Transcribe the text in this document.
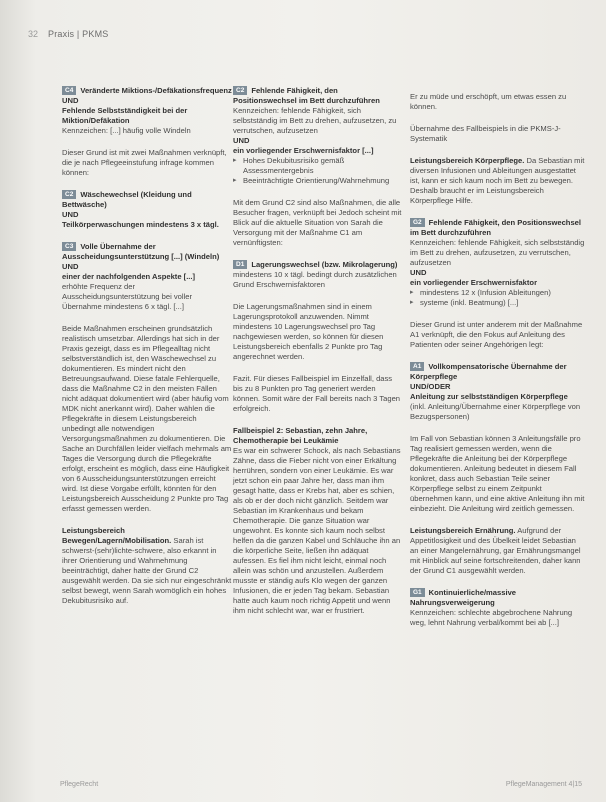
32 Praxis | PKMS
C4 Veränderte Miktions-/Defäkationsfrequenz
UND
Fehlende Selbstständigkeit bei der Miktion/Defäkation
Kennzeichen: [...] häufig volle Windeln
Dieser Grund ist mit zwei Maßnahmen verknüpft, die je nach Pflegeeinstufung infrage kommen können:
C2 Wäschewechsel (Kleidung und Bettwäsche)
UND
Teilkörperwaschungen mindestens 3 x tägl.
C3 Volle Übernahme der Ausscheidungsunterstützung [...] (Windeln)
UND
einer der nachfolgenden Aspekte [...]
erhöhte Frequenz der Ausscheidungsunterstützung bei voller Übernahme mindestens 6 x tägl. [...]
Beide Maßnahmen erscheinen grundsätzlich realistisch umsetzbar. Allerdings hat sich in der Praxis gezeigt, dass es im Pflegealltag nicht selbstverständlich ist, den Wäschewechsel zu dokumentieren. Es mindert nicht den Betreuungsaufwand. Diese fatale Fehlerquelle, dass die Maßnahme C2 in den meisten Fällen nicht adäquat dokumentiert wird (aber häufig vom MDK nicht anerkannt wird). Daher wählen die Pflegekräfte in diesem Leistungsbereich unbedingt alle notwendigen Versorgungsmaßnahmen zu dokumentieren. Die Sache an Durchfällen leider vielfach mehrmals am Tages die Versorgung durch die Pflegekräfte erfolgt, erscheint es möglich, dass eine Häufigkeit von 6 Ausscheidungsunterstützungen erreicht wird. Ist diese Vorgabe erfüllt, könnten für den Leistungsbereich Ausscheidung 2 Punkte pro Tag erfasst gemessen werden.
Leistungsbereich Bewegen/Lagern/Mobilisation. Sarah ist schwerst-(sehr)lichte-schwere, also erkannt in ihrer Orientierung und Wahrnehmung beeinträchtigt, daher hatte der Grund C2 ausgewählt werden. Da sie sich nur eingeschränkt selbst bewegt, wenn Sarah womöglich ein hohes Dekubitusrisiko auf.
C2 Fehlende Fähigkeit, den Positionswechsel im Bett durchzuführen
Kennzeichen: fehlende Fähigkeit, sich selbstständig im Bett zu drehen, aufzusetzen, zu verrutschen, aufzusetzen
UND
ein vorliegender Erschwernisfaktor [...]
▸ Hohes Dekubitusrisiko gemäß Assessmentergebnis
▸ Beeinträchtigte Orientierung/Wahrnehmung
Mit dem Grund C2 sind also Maßnahmen, die alle Besucher fragen, verknüpft bei Jedoch scheint mit Blick auf die aktuelle Situation von Sarah die Versorgung mit der Maßnahme C1 am vernünftigsten:
D1 Lagerungswechsel (bzw. Mikrolagerung)
mindestens 10 x tägl. bedingt durch zusätzlichen Grund Erschwernisfaktoren
Die Lagerungsmaßnahmen sind in einem Lagerungsprotokoll anzuwenden. Nimmt mindestens 10 Lagerungswechsel pro Tag nachgewiesen werden, so können für diesen Leistungsbereich ebenfalls 2 Punkte pro Tag angerechnet werden.
Fazit. Für dieses Fallbeispiel im Einzelfall, dass bis zu 8 Punkten pro Tag generiert werden können. Somit wäre der Fall bereits nach 3 Tagen erfolgreich.
Fallbeispiel 2: Sebastian, zehn Jahre, Chemotherapie bei Leukämie
Es war ein schwerer Schock, als nach Sebastians Zähne, dass die Fieber nicht von einer Erkältung herrühren, sondern von einer Leukämie. Es war jetzt schon ein paar Jahre her, dass man ihm gesagt hatte, dass er Krebs hat, aber es schien, als ob er der doch nicht gänzlich. Seitdem war Sebastian im Krankenhaus und bekam Chemotherapie. Die ganze Situation war ungewohnt. Es konnte sich kaum noch selbst helfen da die ganzen Kabel und Schläuche ihn an die körperliche Seite, ließen ihn adäquat aufessen. Es fiel ihm nicht leicht, einmal noch allein was schön und anzustellen. Außerdem musste er ständig aufs Klo wegen der ganzen Infusionen, die er jeden Tag bekam. Sebastian hatte auch kaum noch richtig Appetit und wenn ihm nicht schlecht war, war er frustriert.
Er zu müde und erschöpft, um etwas essen zu können.
Übernahme des Fallbeispiels in die PKMS-J-Systematik
Leistungsbereich Körperpflege. Da Sebastian mit diversen Infusionen und Ableitungen ausgestattet ist, kann er sich kaum noch im Bett zu bewegen. Deshalb braucht er im Leistungsbereich Körperpflege Hilfe.
G2 Fehlende Fähigkeit, den Positionswechsel im Bett durchzuführen
Kennzeichen: fehlende Fähigkeit, sich selbstständig im Bett zu drehen, aufzusetzen, zu verrutschen, aufzusetzen
UND
ein vorliegender Erschwernisfaktor
▸ mindestens 12 x (Infusion Ableitungen)
▸ systeme (inkl. Beatmung) [...]
Dieser Grund ist unter anderem mit der Maßnahme A1 verknüpft, die den Fokus auf Anleitung des Patienten oder seiner Angehörigen legt:
A1 Vollkompensatorische Übernahme der Körperpflege
UND/ODER
Anleitung zur selbstständigen Körperpflege
(inkl. Anleitung/Übernahme einer Körperpflege von Bezugspersonen)
Im Fall von Sebastian können 3 Anleitungsfälle pro Tag realisiert gemessen werden, wenn die Pflegekräfte die Anleitung bei der Körperpflege dokumentieren. Anleitung bedeutet in diesem Fall konkret, dass auch Sebastian Teile seiner Körperpflege selbst zu einem Zeitpunkt übernehmen kann, und eine aktive Anleitung ihn mit einbezieht. Die Anleitung wird zeitlich gemessen.
Leistungsbereich Ernährung. Aufgrund der Appetitlosigkeit und des Übelkeit leidet Sebastian an einer Mangelernährung, gar Ernährungsmangel mit Hinblick auf seine fortschreitenden, daher kann der Grund C1 ausgewählt werden.
G1 Kontinuierliche/massive Nahrungsverweigerung
Kennzeichen: schlechte abgebrochene Nahrung weg, lehnt Nahrung verbal/kommt bei ab [...]
PflegeRecht	PflegeManagement 4|15
